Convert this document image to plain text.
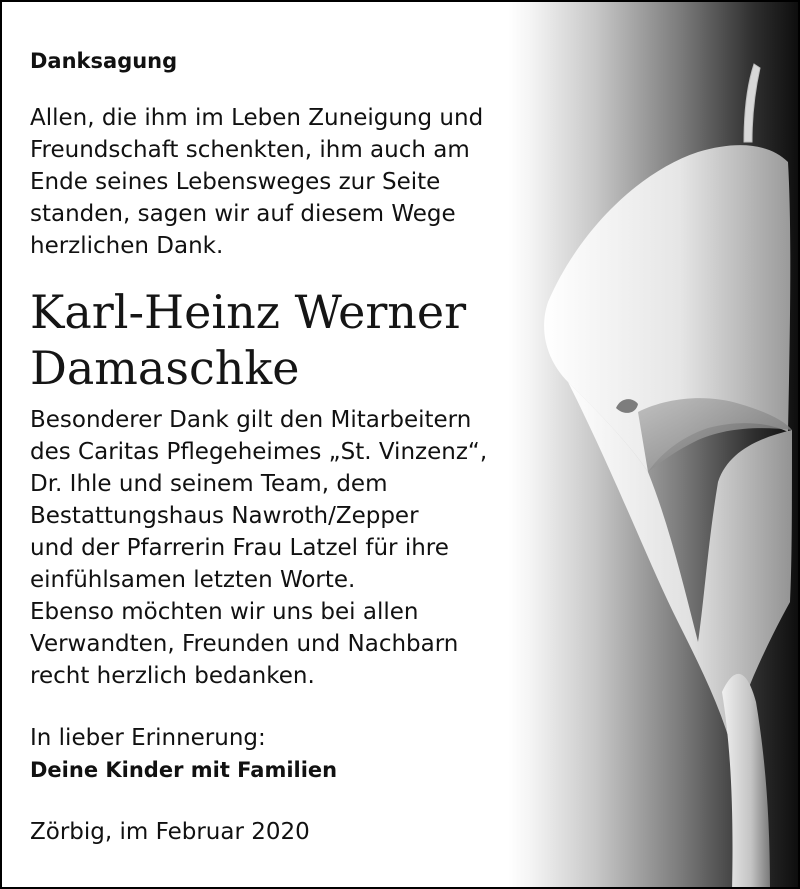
Danksagung

Allen, die ihm im Leben Zuneigung und
Freundschaft schenkten, ihm auch am
Ende seines Lebensweges zur Seite
standen, sagen wir auf diesem Wege
herzlichen Dank.

Karl-Heinz Werner
Damaschke

Besonderer Dank gilt den Mitarbeitern
des Caritas Pflegeheimes „St. Vinzenz“,
Dr. Ihle und seinem Team, dem
Bestattungshaus Nawroth/Zepper
und der Pfarrerin Frau Latzel für ihre
einfühlsamen letzten Worte.
Ebenso möchten wir uns bei allen
Verwandten, Freunden und Nachbarn
recht herzlich bedanken.

In lieber Erinnerung:

Deine Kinder mit Familien

Zörbig, im Februar 2020
